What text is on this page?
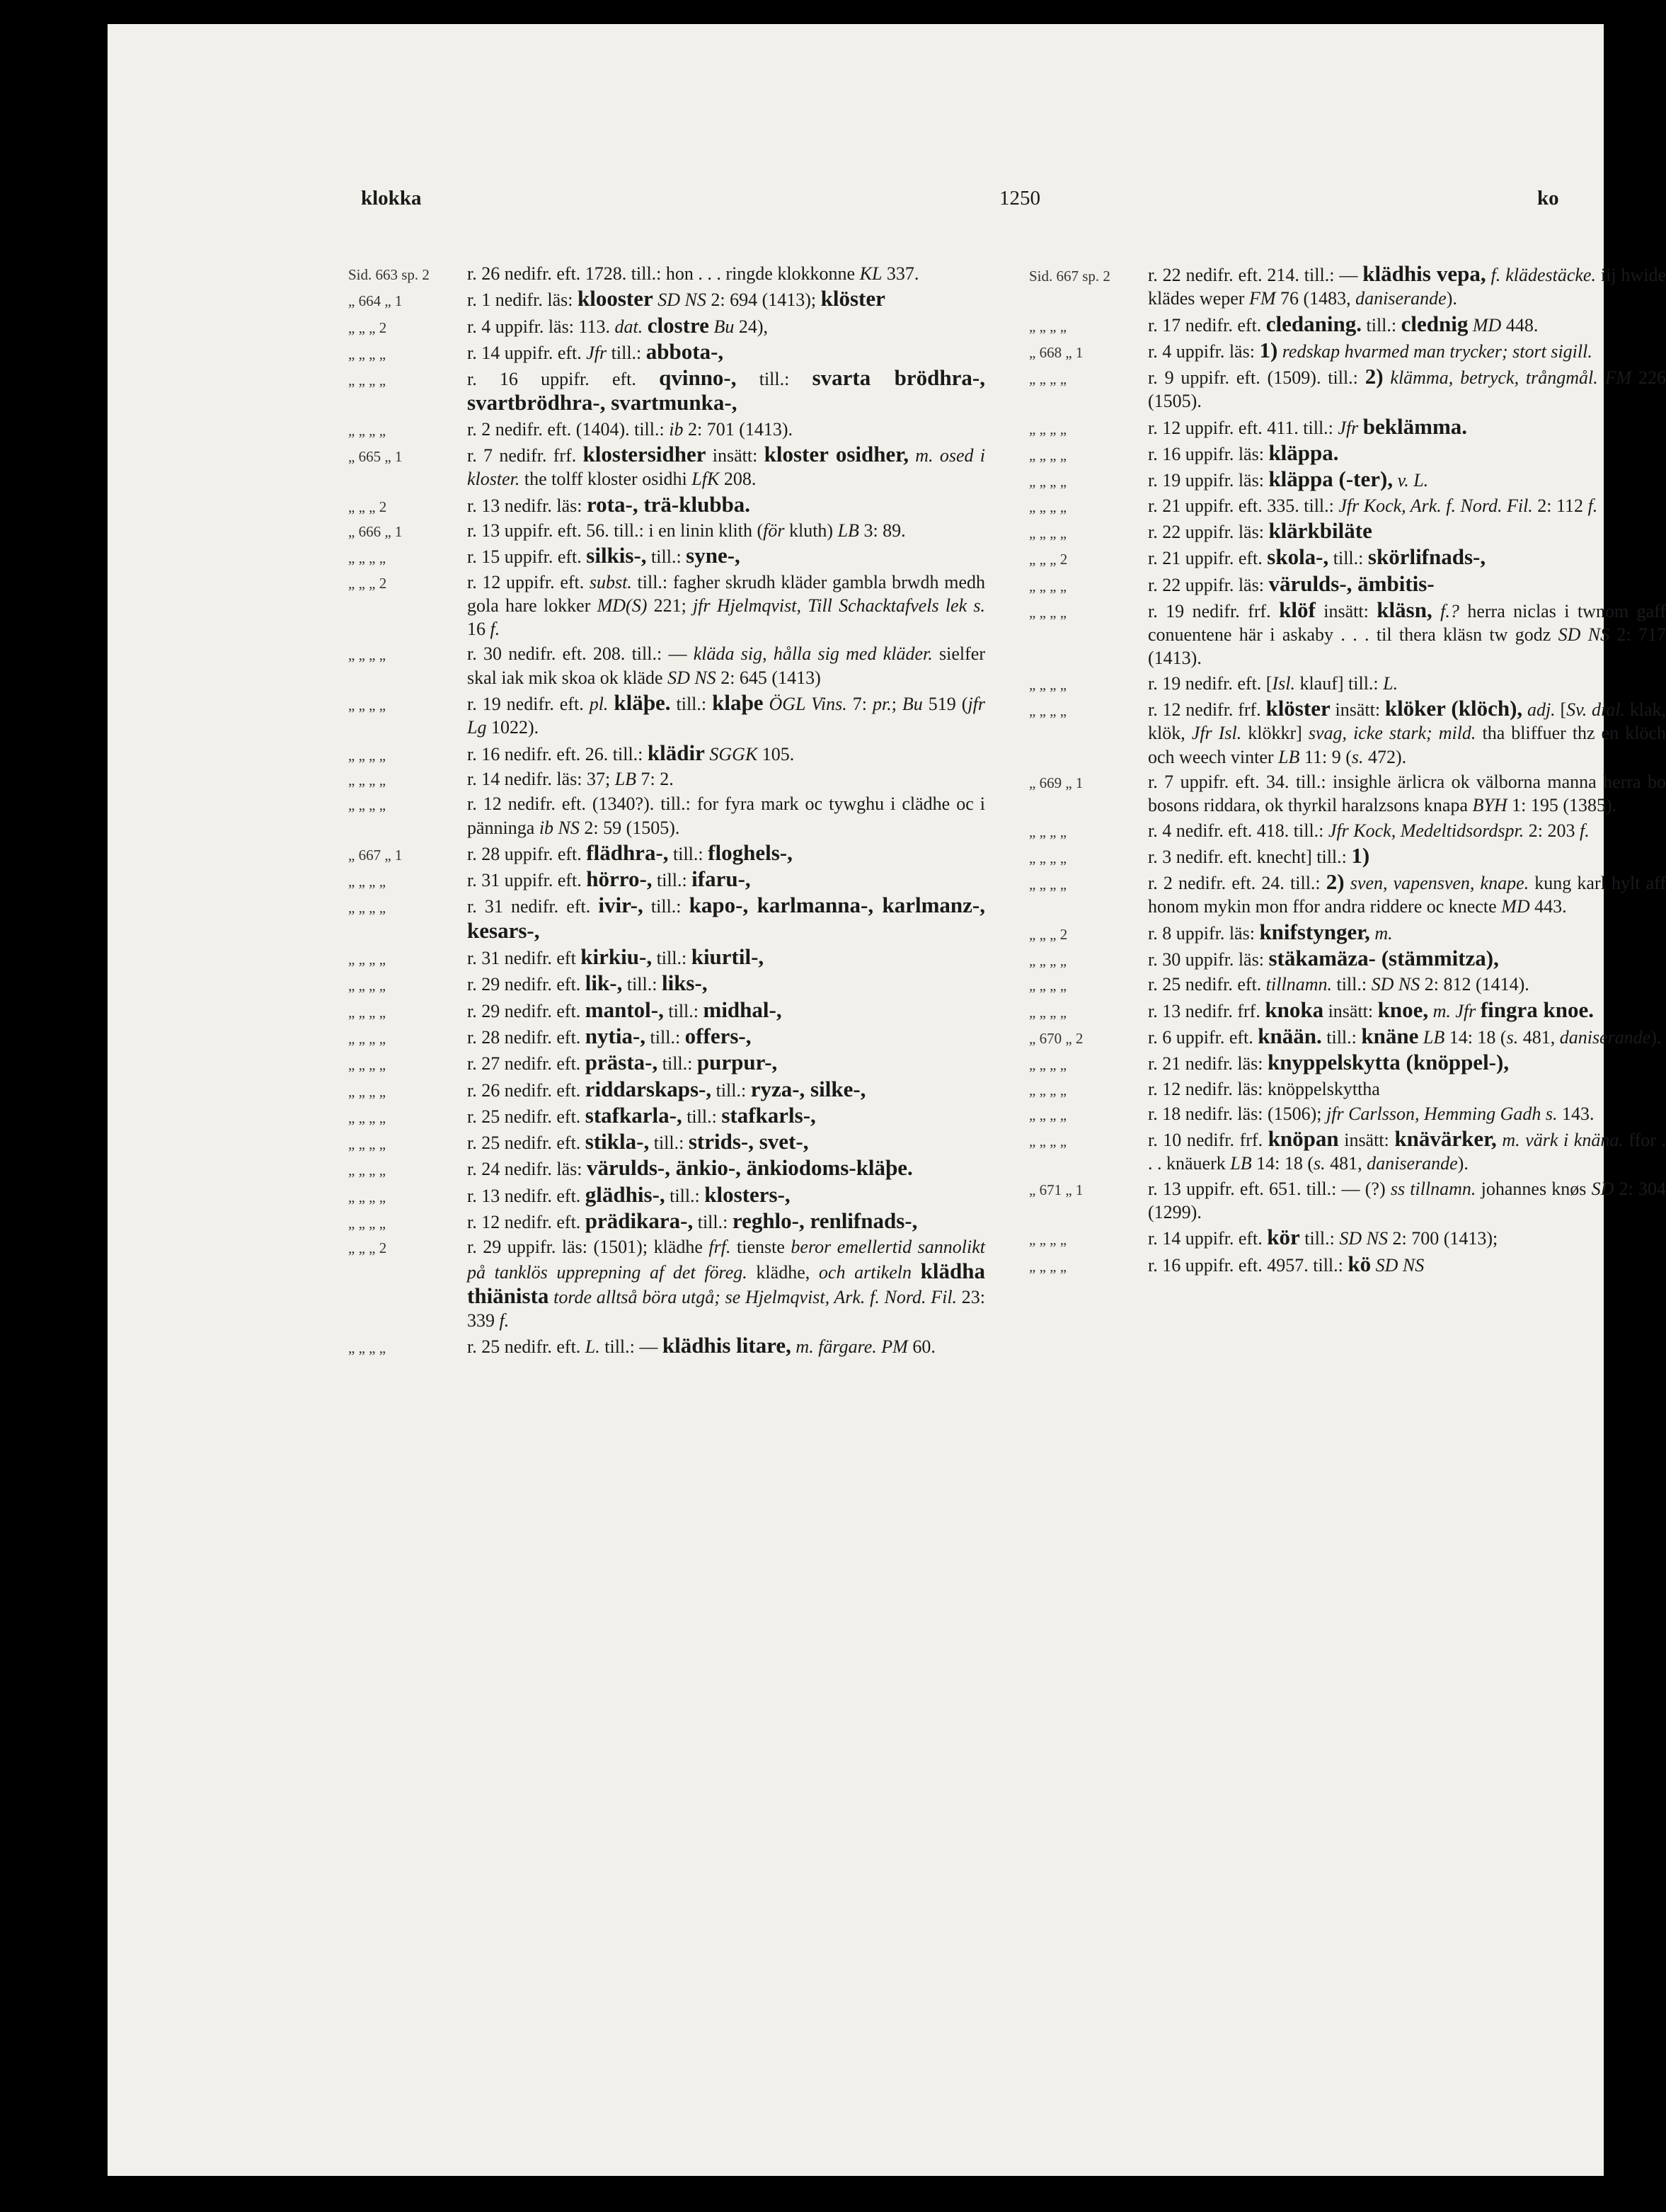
klokka	1250	ko
Sid. 663 sp. 2	r. 26 nedifr. eft. 1728. till.: hon . . . ringde klokkonne KL 337.
„ 664 „ 1	r. 1 nedifr. läs: klooster SD NS 2: 694 (1413); klöster
„ „ „ 2	r. 4 uppifr. läs: 113. dat. clostre Bu 24),
„ „ „ „	r. 14 uppifr. eft. Jfr till.: abbota-,
„ „ „ „	r. 16 uppifr. eft. qvinno-, till.: svarta brödhra-, svartbrödhra-, svartmunka-,
„ „ „ „	r. 2 nedifr. eft. (1404). till.: ib 2: 701 (1413).
„ 665 „ 1	r. 7 nedifr. frf. klostersidher insätt: kloster osidher, m. osed i kloster. the tolff kloster osidhi LfK 208.
„ „ „ 2	r. 13 nedifr. läs: rota-, trä-klubba.
„ 666 „ 1	r. 13 uppifr. eft. 56. till.: i en linin klith (för kluth) LB 3: 89.
„ „ „ „	r. 15 uppifr. eft. silkis-, till.: syne-,
„ „ „ 2	r. 12 uppifr. eft. subst. till.: fagher skrudh kläder gambla brwdh medh gola hare lokker MD(S) 221; jfr Hjelmqvist, Till Schacktafvels lek s. 16 f.
„ „ „ „	r. 30 nedifr. eft. 208. till.: — kläda sig, hålla sig med kläder. sielfer skal iak mik skoa ok kläde SD NS 2: 645 (1413)
„ „ „ „	r. 19 nedifr. eft. pl. kläþe. till.: klaþe ÖGL Vins. 7: pr.; Bu 519 (jfr Lg 1022).
„ „ „ „	r. 16 nedifr. eft. 26. till.: klädir SGGK 105.
„ „ „ „	r. 14 nedifr. läs: 37; LB 7: 2.
„ „ „ „	r. 12 nedifr. eft. (1340?). till.: for fyra mark oc tywghu i clädhe oc i pänninga ib NS 2: 59 (1505).
„ 667 „ 1	r. 28 uppifr. eft. flädhra-, till.: floghels-,
„ „ „ „	r. 31 uppifr. eft. hörro-, till.: ifaru-,
„ „ „ „	r. 31 nedifr. eft. ivir-, till.: kapo-, karlmanna-, karlmanz-, kesars-,
„ „ „ „	r. 31 nedifr. eft kirkiu-, till.: kiurtil-,
„ „ „ „	r. 29 nedifr. eft. lik-, till.: liks-,
„ „ „ „	r. 29 nedifr. eft. mantol-, till.: midhal-,
„ „ „ „	r. 28 nedifr. eft. nytia-, till.: offers-,
„ „ „ „	r. 27 nedifr. eft. prästa-, till.: purpur-,
„ „ „ „	r. 26 nedifr. eft. riddarskaps-, till.: ryza-, silke-,
„ „ „ „	r. 25 nedifr. eft. stafkarla-, till.: stafkarls-,
„ „ „ „	r. 25 nedifr. eft. stikla-, till.: strids-, svet-,
„ „ „ „	r. 24 nedifr. läs: värulds-, änkio-, änkiodoms-kläþe.
„ „ „ „	r. 13 nedifr. eft. glädhis-, till.: klosters-,
„ „ „ „	r. 12 nedifr. eft. prädikara-, till.: reghlo-, renlifnads-,
„ „ „ 2	r. 29 uppifr. läs: (1501); klädhe frf. tienste beror emellertid sannolikt på tanklös upprepning af det föreg. klädhe, och artikeln klädha thiänista torde alltså böra utgå; se Hjelmqvist, Ark. f. Nord. Fil. 23: 339 f.
„ „ „ „	r. 25 nedifr. eft. L. till.: — klädhis litare, m. färgare. PM 60.
Sid. 667 sp. 2	r. 22 nedifr. eft. 214. till.: — klädhis vepa, f. klädestäcke. iij hwide klädes weper FM 76 (1483, daniserande).
„ „ „ „	r. 17 nedifr. eft. cledaning. till.: clednig MD 448.
„ 668 „ 1	r. 4 uppifr. läs: 1) redskap hvarmed man trycker; stort sigill.
„ „ „ „	r. 9 uppifr. eft. (1509). till.: 2) klämma, betryck, trångmål. FM 226 (1505).
„ „ „ „	r. 12 uppifr. eft. 411. till.: Jfr beklämma.
„ „ „ „	r. 16 uppifr. läs: kläppa.
„ „ „ „	r. 19 uppifr. läs: kläppa (-ter), v. L.
„ „ „ „	r. 21 uppifr. eft. 335. till.: Jfr Kock, Ark. f. Nord. Fil. 2: 112 f.
„ „ „ „	r. 22 uppifr. läs: klärkbiläte
„ „ „ 2	r. 21 uppifr. eft. skola-, till.: skörlifnads-,
„ „ „ „	r. 22 uppifr. läs: värulds-, ämbitis-
„ „ „ „	r. 19 nedifr. frf. klöf insätt: kläsn, f.? herra niclas i twnom gaff conuentene här i askaby . . . til thera kläsn tw godz SD NS 2: 717 (1413).
„ „ „ „	r. 19 nedifr. eft. [Isl. klauf] till.: L.
„ „ „ „	r. 12 nedifr. frf. klöster insätt: klöker (klöch), adj. [Sv. dial. klak, klök, Jfr Isl. klökkr] svag, icke stark; mild. tha bliffuer thz en klöch och weech vinter LB 11: 9 (s. 472).
„ 669 „ 1	r. 7 uppifr. eft. 34. till.: insighle ärlicra ok välborna manna herra bo bosons riddara, ok thyrkil haralzsons knapa BYH 1: 195 (1385).
„ „ „ „	r. 4 nedifr. eft. 418. till.: Jfr Kock, Medeltidsordspr. 2: 203 f.
„ „ „ „	r. 3 nedifr. eft. knecht] till.: 1)
„ „ „ „	r. 2 nedifr. eft. 24. till.: 2) sven, vapensven, knape. kung karl hylt aff honom mykin mon ffor andra riddere oc knecte MD 443.
„ „ „ 2	r. 8 uppifr. läs: knifstynger, m.
„ „ „ „	r. 30 uppifr. läs: stäkamäza- (stämmitza),
„ „ „ „	r. 25 nedifr. eft. tillnamn. till.: SD NS 2: 812 (1414).
„ „ „ „	r. 13 nedifr. frf. knoka insätt: knoe, m. Jfr fingra knoe.
„ 670 „ 2	r. 6 uppifr. eft. knään. till.: knäne LB 14: 18 (s. 481, daniserande).
„ „ „ „	r. 21 nedifr. läs: knyppelskytta (knöppel-),
„ „ „ „	r. 12 nedifr. läs: knöppelskyttha
„ „ „ „	r. 18 nedifr. läs: (1506); jfr Carlsson, Hemming Gadh s. 143.
„ „ „ „	r. 10 nedifr. frf. knöpan insätt: knävärker, m. värk i knäna. ffor . . . knäuerk LB 14: 18 (s. 481, daniserande).
„ 671 „ 1	r. 13 uppifr. eft. 651. till.: — (?) ss tillnamn. johannes knøs SD 2: 304 (1299).
„ „ „ „	r. 14 uppifr. eft. kör till.: SD NS 2: 700 (1413);
„ „ „ „	r. 16 uppifr. eft. 4957. till.: kö SD NS
